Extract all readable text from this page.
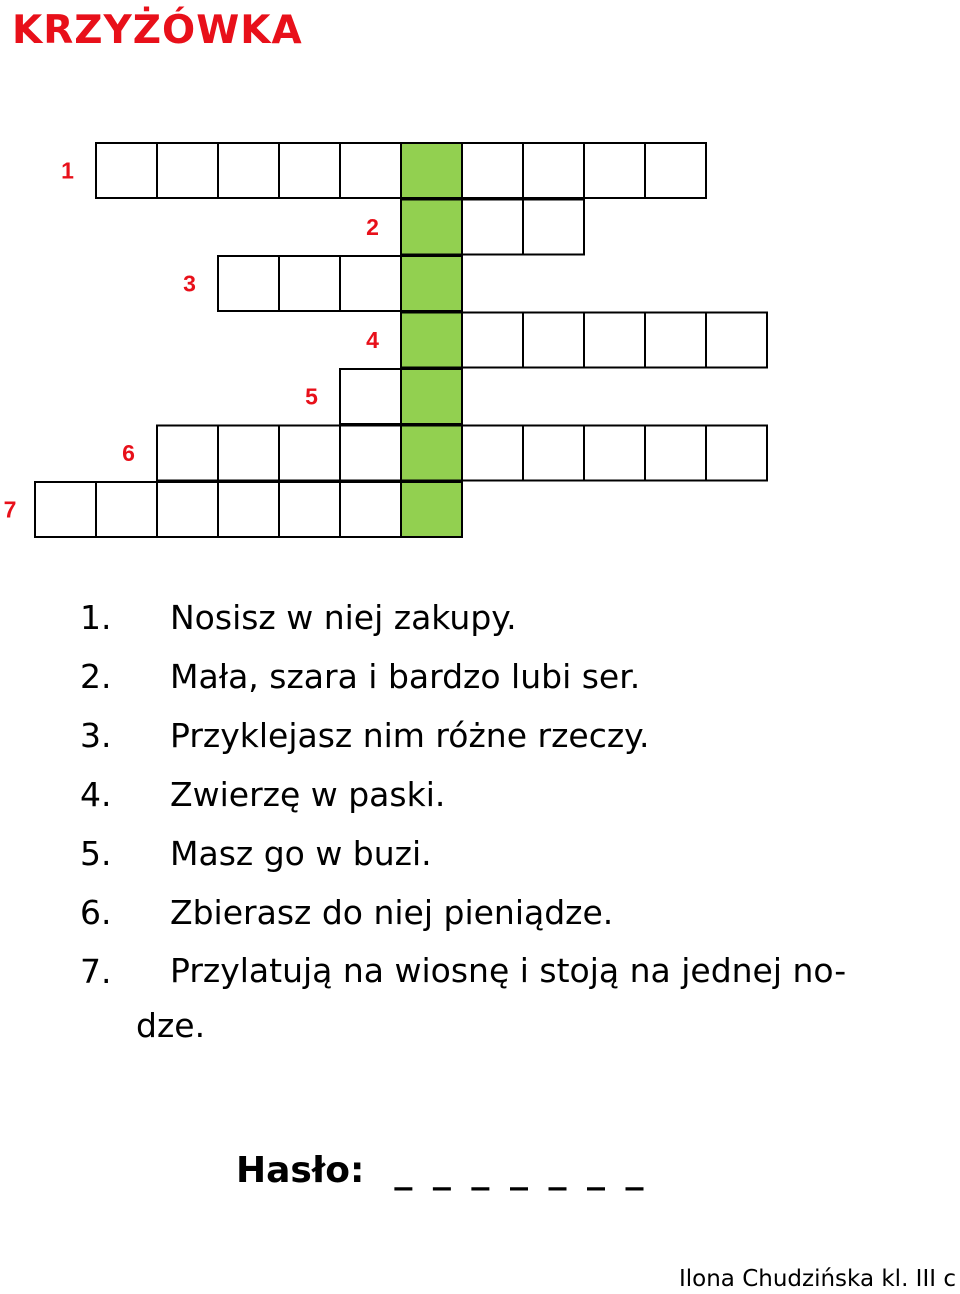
KRZYŻÓWKA
1
2
3
4
5
6
7
1.	Nosisz w niej zakupy.
2.	Mała, szara i bardzo lubi ser.
3.	Przyklejasz nim różne rzeczy.
4.	Zwierzę w paski.
5.	Masz go w buzi.
6.	Zbierasz do niej pieniądze.
7.	Przylatują na wiosnę i stoją na jednej no-
dze.

Hasło: _ _ _ _ _ _ _

Ilona Chudzińska kl. III c
